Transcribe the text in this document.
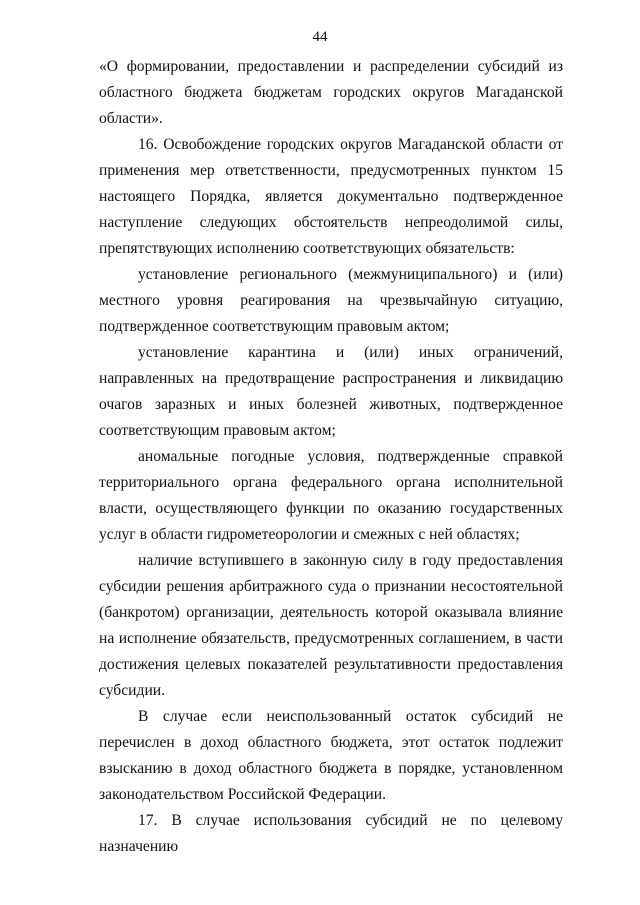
44

«О формировании, предоставлении и распределении субсидий из областного бюджета бюджетам городских округов Магаданской области».

16. Освобождение городских округов Магаданской области от применения мер ответственности, предусмотренных пунктом 15 настоящего Порядка, является документально подтвержденное наступление следующих обстоятельств непреодолимой силы, препятствующих исполнению соответствующих обязательств:

установление регионального (межмуниципального) и (или) местного уровня реагирования на чрезвычайную ситуацию, подтвержденное соответствующим правовым актом;

установление карантина и (или) иных ограничений, направленных на предотвращение распространения и ликвидацию очагов заразных и иных болезней животных, подтвержденное соответствующим правовым актом;

аномальные погодные условия, подтвержденные справкой территориального органа федерального органа исполнительной власти, осуществляющего функции по оказанию государственных услуг в области гидрометеорологии и смежных с ней областях;

наличие вступившего в законную силу в году предоставления субсидии решения арбитражного суда о признании несостоятельной (банкротом) организации, деятельность которой оказывала влияние на исполнение обязательств, предусмотренных соглашением, в части достижения целевых показателей результативности предоставления субсидии.

В случае если неиспользованный остаток субсидий не перечислен в доход областного бюджета, этот остаток подлежит взысканию в доход областного бюджета в порядке, установленном законодательством Российской Федерации.

17. В случае использования субсидий не по целевому назначению
